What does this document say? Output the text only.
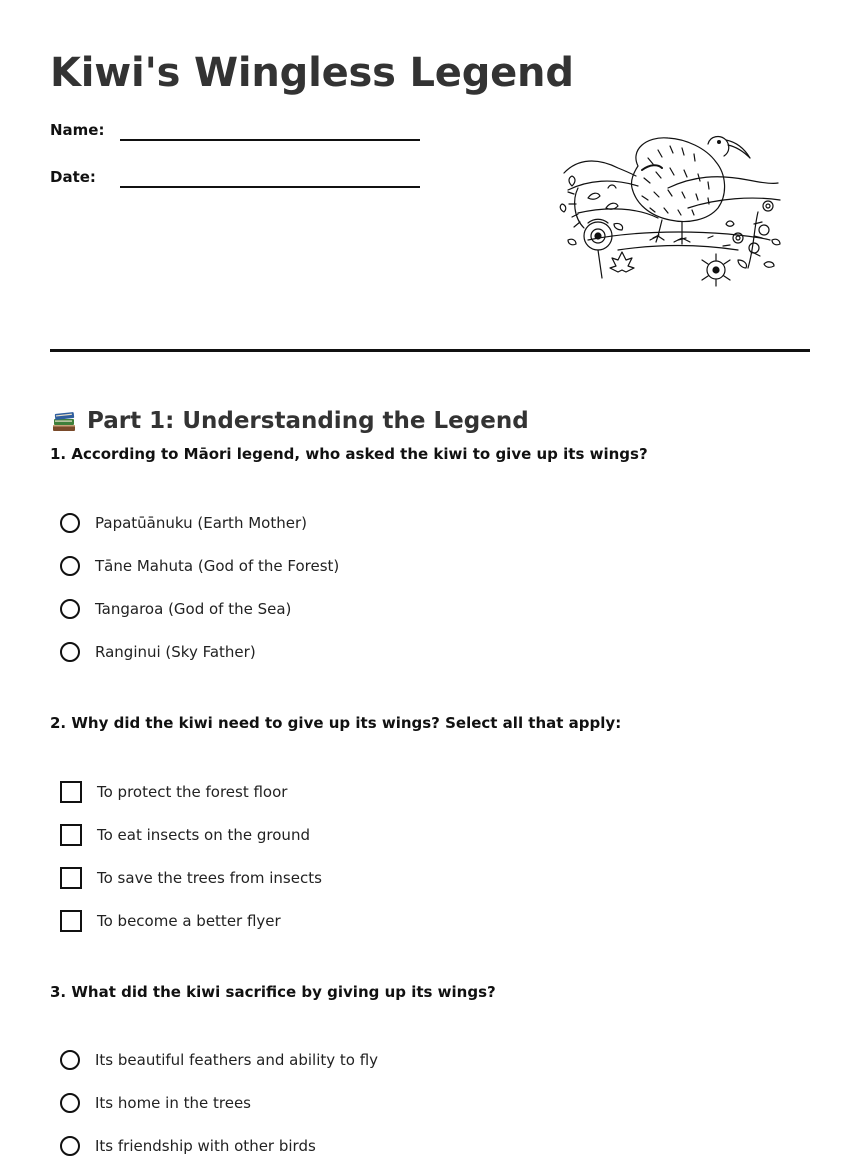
Kiwi's Wingless Legend
Name:
Date:
Part 1: Understanding the Legend
1. According to Māori legend, who asked the kiwi to give up its wings?
Papatūānuku (Earth Mother)
Tāne Mahuta (God of the Forest)
Tangaroa (God of the Sea)
Ranginui (Sky Father)
2. Why did the kiwi need to give up its wings? Select all that apply:
To protect the forest floor
To eat insects on the ground
To save the trees from insects
To become a better flyer
3. What did the kiwi sacrifice by giving up its wings?
Its beautiful feathers and ability to fly
Its home in the trees
Its friendship with other birds
